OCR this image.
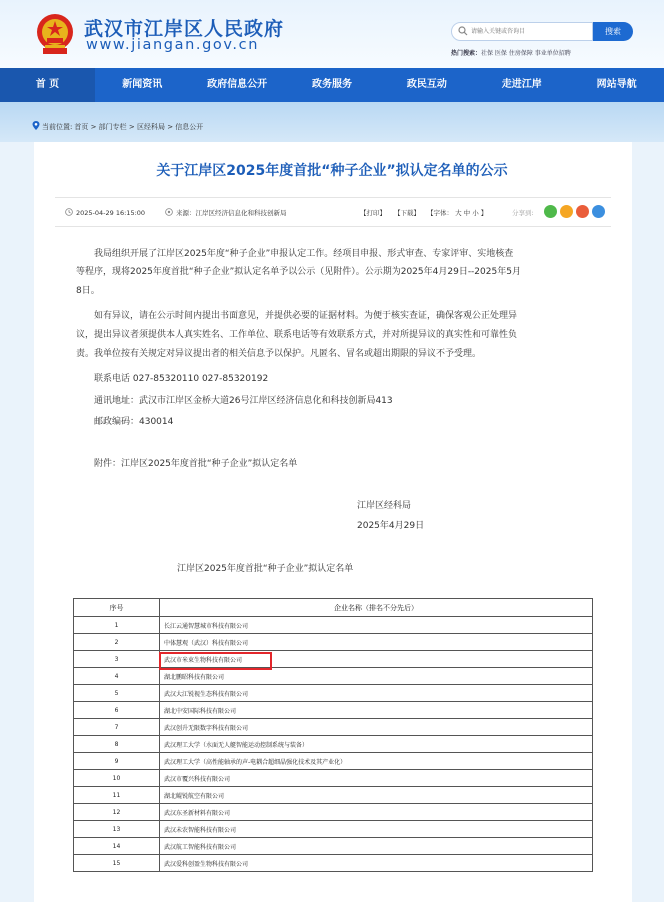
武汉市江岸区人民政府
www.jiangan.gov.cn
请输入关键或咨询目
搜索
热门搜索：社保 医保 住房保障 事业单位招聘
首 页	新闻资讯	政府信息公开	政务服务	政民互动	走进江岸	网站导航
当前位置: 首页 > 部门专栏 > 区经科局 > 信息公开
关于江岸区2025年度首批“种子企业”拟认定名单的公示
2025-04-29 16:15:00	来源：江岸区经济信息化和科技创新局	【打印】 【下载】 【字体： 大 中 小 】	分享到:
我局组织开展了江岸区2025年度“种子企业”申报认定工作。经项目申报、形式审查、专家评审、实地核查
等程序，现将2025年度首批“种子企业”拟认定名单予以公示（见附件）。公示期为2025年4月29日--2025年5月
8日。
如有异议，请在公示时间内提出书面意见，并提供必要的证据材料。为便于核实查证，确保客观公正处理异
议，提出异议者须提供本人真实姓名、工作单位、联系电话等有效联系方式，并对所提异议的真实性和可靠性负
责。我单位按有关规定对异议提出者的相关信息予以保护。凡匿名、冒名或超出期限的异议不予受理。
联系电话 027-85320110 027-85320192
通讯地址：武汉市江岸区金桥大道26号江岸区经济信息化和科技创新局413
邮政编码：430014
附件：江岸区2025年度首批“种子企业”拟认定名单
江岸区经科局
2025年4月29日
江岸区2025年度首批“种子企业”拟认定名单
序号	企业名称（排名不分先后）
1	长江云通智慧城市科技有限公司
2	中体慧观（武汉）科技有限公司
3	武汉市米束生物科技有限公司
4	湖北鹏昭科技有限公司
5	武汉大江锐视生态科技有限公司
6	湖北中安国际科技有限公司
7	武汉创升无限数字科技有限公司
8	武汉理工大学（水面无人艇智能运动控制系统与装备）
9	武汉理工大学（高性能轴承的声-电耦合超细晶强化技术及其产业化）
10	武汉市覆兴科技有限公司
11	湖北鲲锐航空有限公司
12	武汉东圣新材料有限公司
13	武汉未农智能科技有限公司
14	武汉航工智能科技有限公司
15	武汉爱科创盈生物科技有限公司
